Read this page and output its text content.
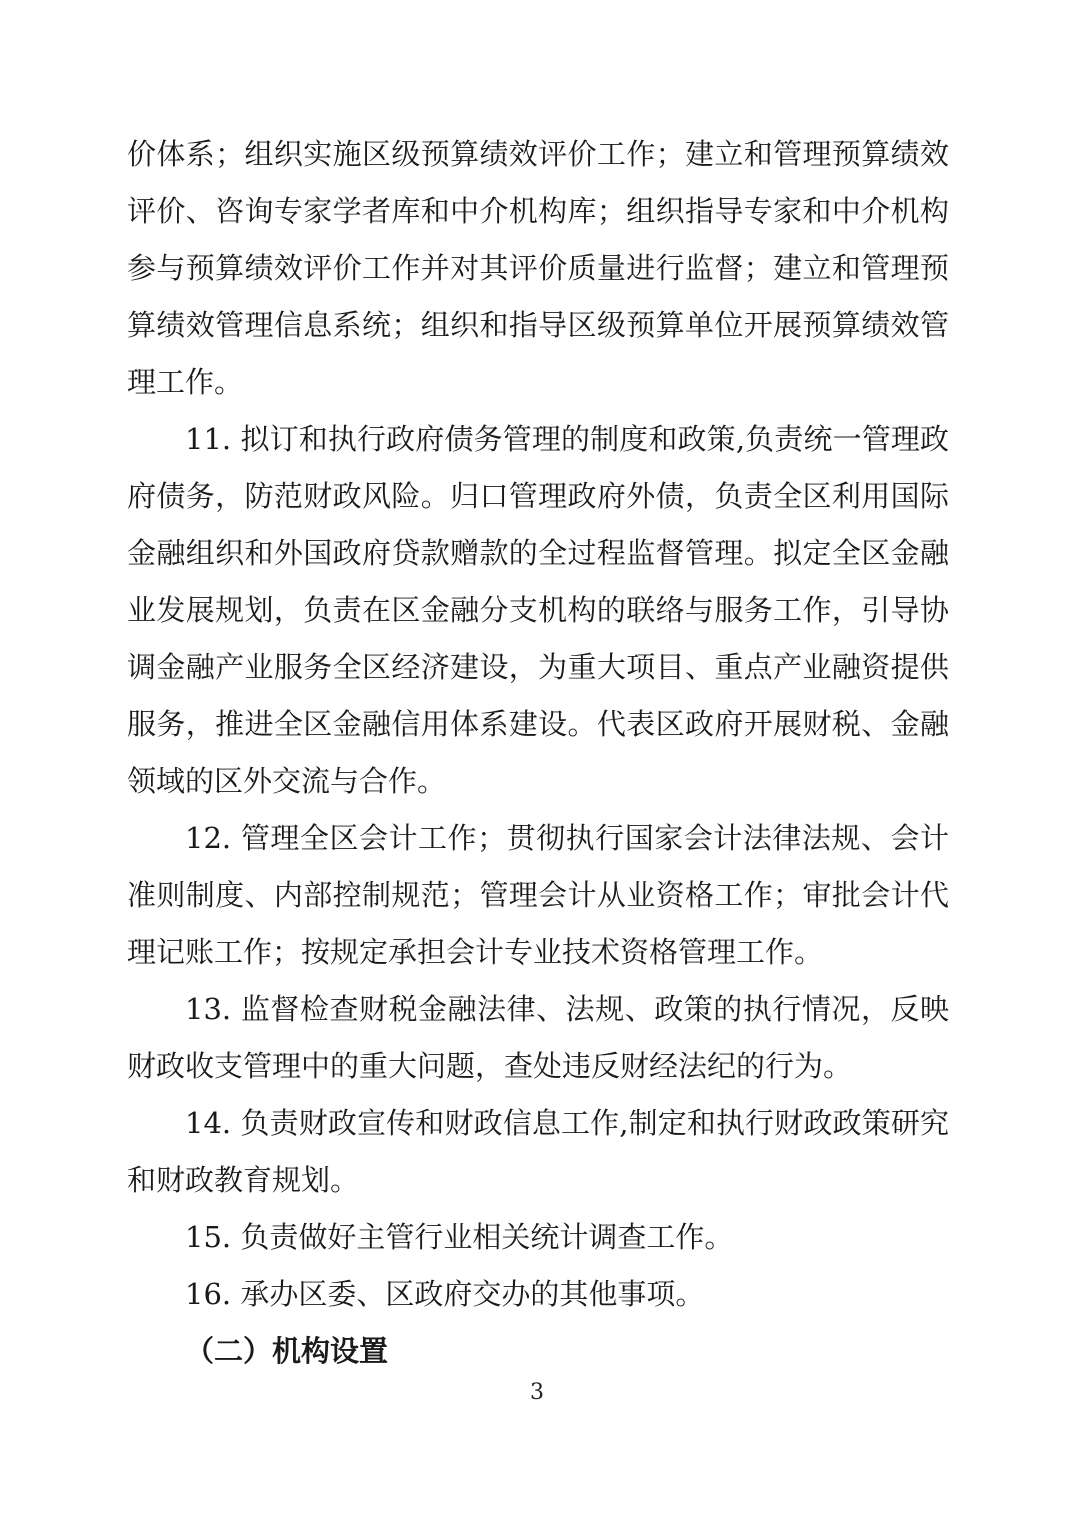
价体系；组织实施区级预算绩效评价工作；建立和管理预算绩效评价、咨询专家学者库和中介机构库；组织指导专家和中介机构参与预算绩效评价工作并对其评价质量进行监督；建立和管理预算绩效管理信息系统；组织和指导区级预算单位开展预算绩效管理工作。

11. 拟订和执行政府债务管理的制度和政策,负责统一管理政府债务，防范财政风险。归口管理政府外债，负责全区利用国际金融组织和外国政府贷款赠款的全过程监督管理。拟定全区金融业发展规划，负责在区金融分支机构的联络与服务工作，引导协调金融产业服务全区经济建设，为重大项目、重点产业融资提供服务，推进全区金融信用体系建设。代表区政府开展财税、金融领域的区外交流与合作。

12. 管理全区会计工作；贯彻执行国家会计法律法规、会计准则制度、内部控制规范；管理会计从业资格工作；审批会计代理记账工作；按规定承担会计专业技术资格管理工作。

13. 监督检查财税金融法律、法规、政策的执行情况，反映财政收支管理中的重大问题，查处违反财经法纪的行为。

14. 负责财政宣传和财政信息工作,制定和执行财政政策研究和财政教育规划。

15. 负责做好主管行业相关统计调查工作。

16. 承办区委、区政府交办的其他事项。

（二）机构设置
3
